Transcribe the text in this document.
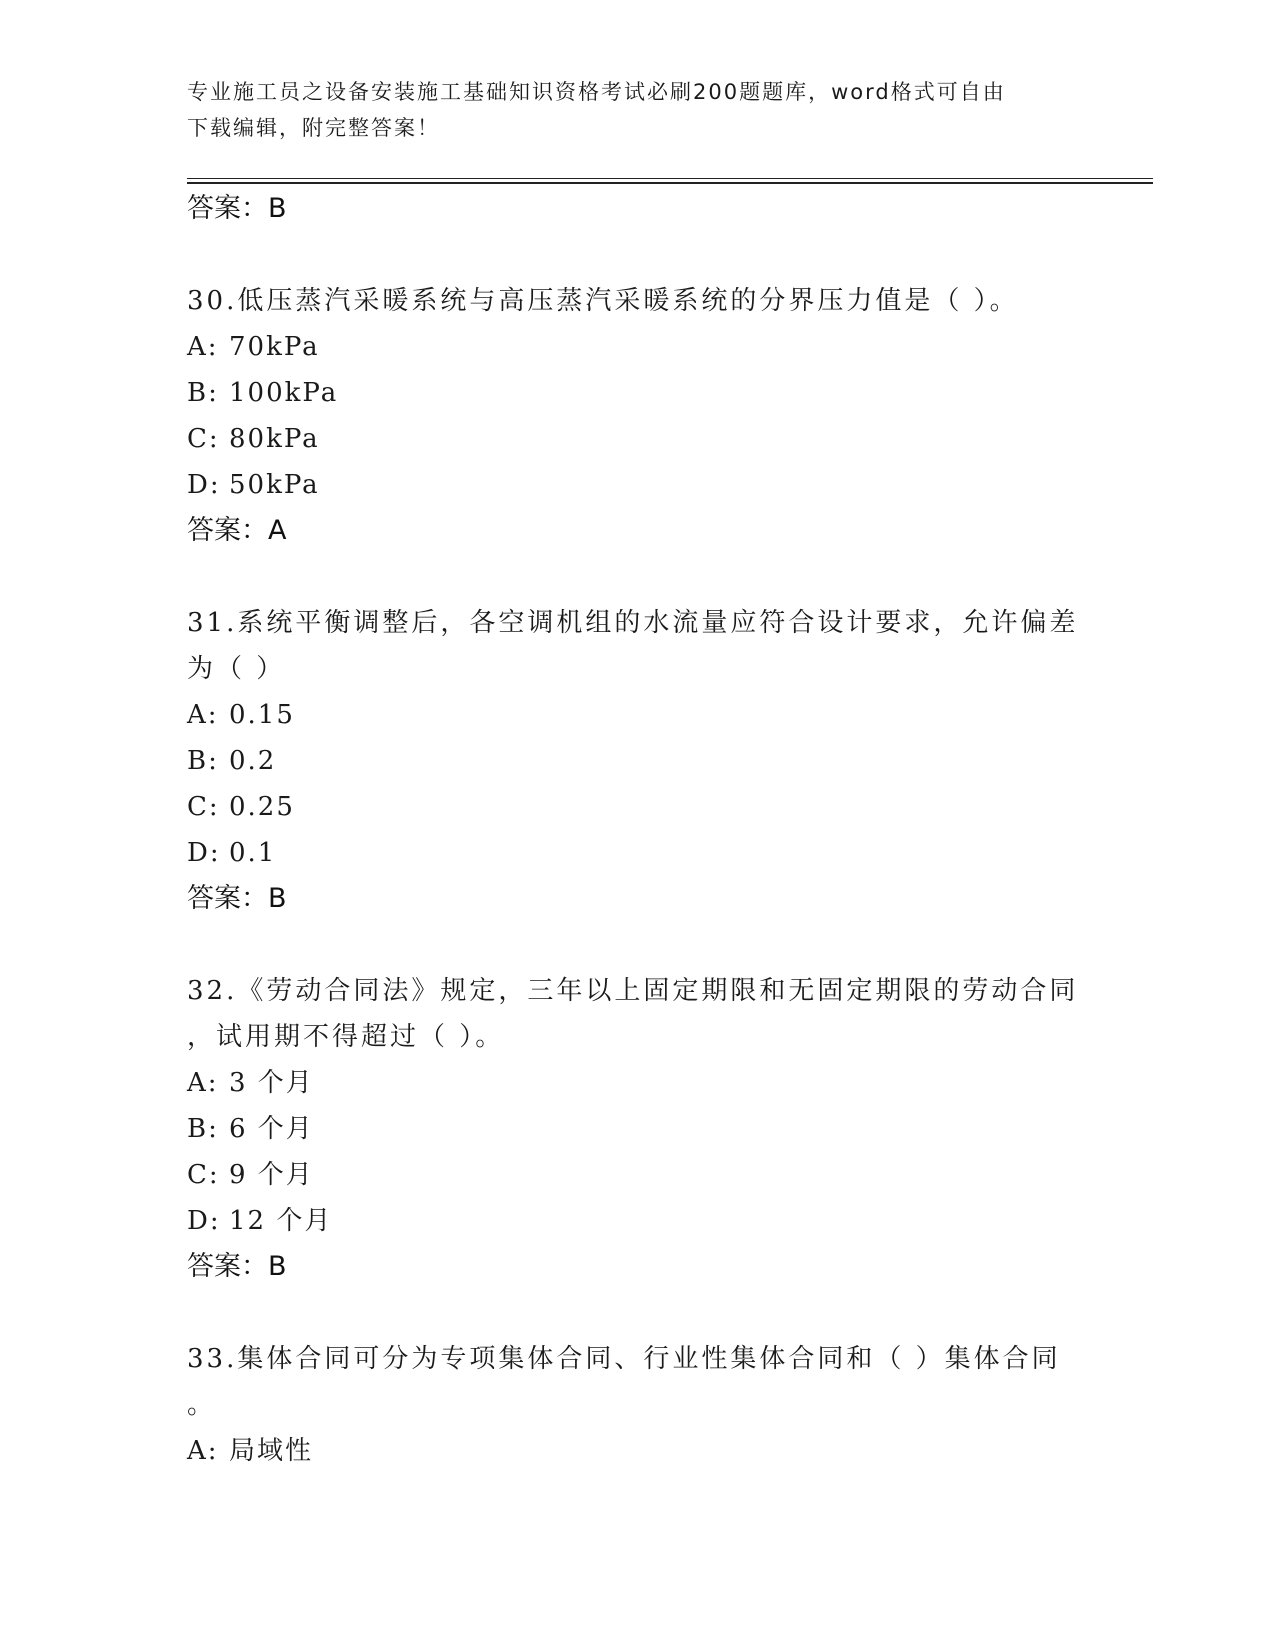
专业施工员之设备安装施工基础知识资格考试必刷200题题库，word格式可自由
下载编辑，附完整答案！
答案：B
30.低压蒸汽采暖系统与高压蒸汽采暖系统的分界压力值是（ ）。
A: 70kPa
B: 100kPa
C: 80kPa
D: 50kPa
答案：A
31.系统平衡调整后，各空调机组的水流量应符合设计要求，允许偏差
为（ ）
A: 0.15
B: 0.2
C: 0.25
D: 0.1
答案：B
32.《劳动合同法》规定，三年以上固定期限和无固定期限的劳动合同
，试用期不得超过（ ）。
A: 3 个月
B: 6 个月
C: 9 个月
D: 12 个月
答案：B
33.集体合同可分为专项集体合同、行业性集体合同和（ ）集体合同
。
A: 局域性
